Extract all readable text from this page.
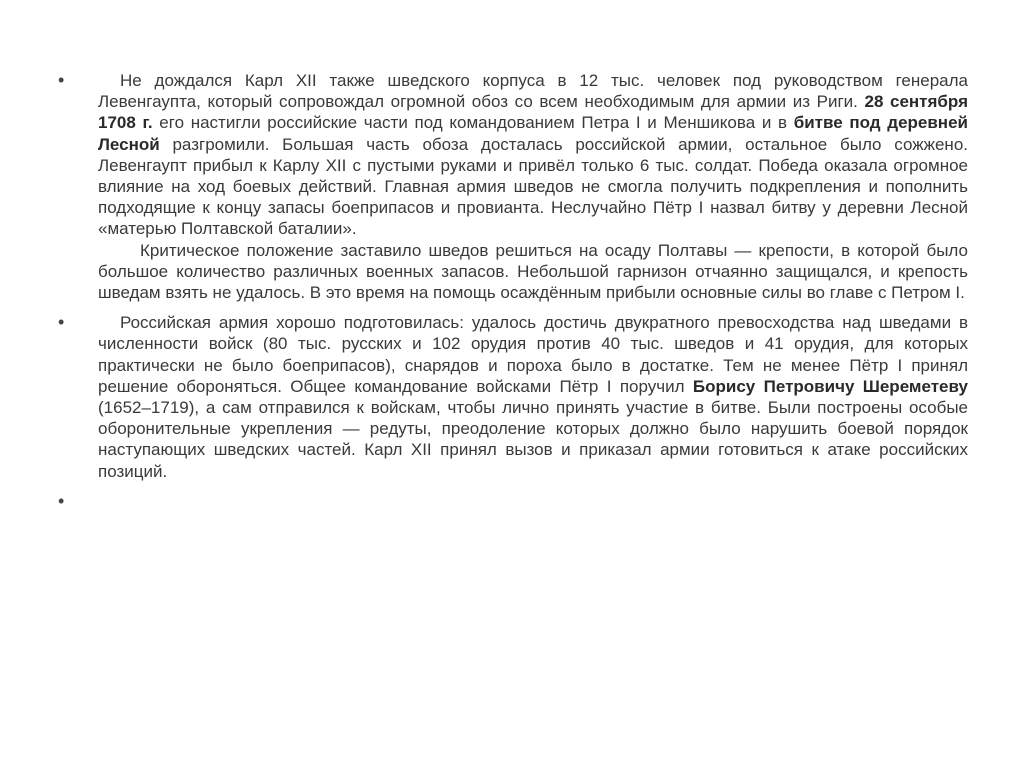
•	Не дождался Карл XII также шведского корпуса в 12 тыс. человек под руководством генерала Левенгаупта, который сопровождал огромной обоз со всем необходимым для армии из Риги. 28 сентября 1708 г. его настигли российские части под командованием Петра I и Меншикова и в битве под деревней Лесной разгромили. Большая часть обоза досталась российской армии, остальное было сожжено. Левенгаупт прибыл к Карлу XII с пустыми руками и привёл только 6 тыс. солдат. Победа оказала огромное влияние на ход боевых действий. Главная армия шведов не смогла получить подкрепления и пополнить подходящие к концу запасы боеприпасов и провианта. Неслучайно Пётр I назвал битву у деревни Лесной «матерью Полтавской баталии».

Критическое положение заставило шведов решиться на осаду Полтавы — крепости, в которой было большое количество различных военных запасов. Небольшой гарнизон отчаянно защищался, и крепость шведам взять не удалось. В это время на помощь осаждённым прибыли основные силы во главе с Петром I.

•	Российская армия хорошо подготовилась: удалось достичь двукратного превосходства над шведами в численности войск (80 тыс. русских и 102 орудия против 40 тыс. шведов и 41 орудия, для которых практически не было боеприпасов), снарядов и пороха было в достатке. Тем не менее Пётр I принял решение обороняться. Общее командование войсками Пётр I поручил Борису Петровичу Шереметеву (1652–1719), а сам отправился к войскам, чтобы лично принять участие в битве. Были построены особые оборонительные укрепления — редуты, преодоление которых должно было нарушить боевой порядок наступающих шведских частей. Карл XII принял вызов и приказал армии готовиться к атаке российских позиций.

•
